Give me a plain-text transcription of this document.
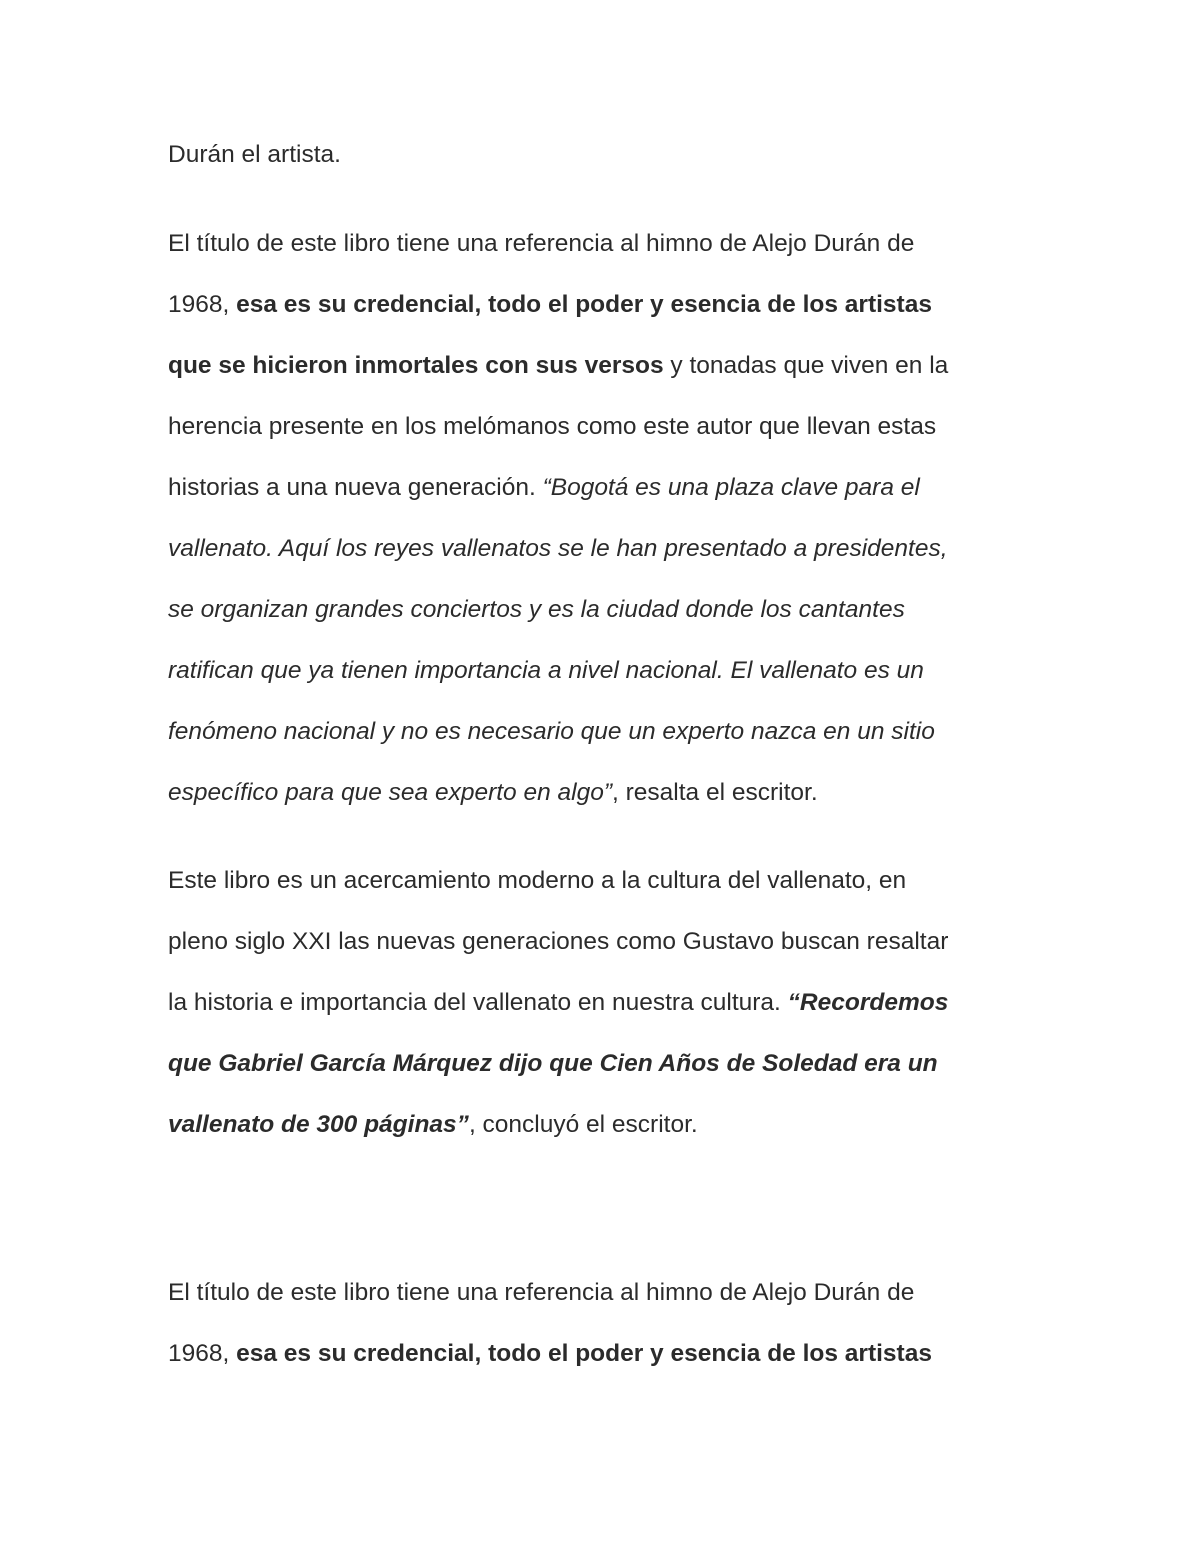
Durán el artista.
El título de este libro tiene una referencia al himno de Alejo Durán de
1968, esa es su credencial, todo el poder y esencia de los artistas
que se hicieron inmortales con sus versos y tonadas que viven en la
herencia presente en los melómanos como este autor que llevan estas
historias a una nueva generación. “Bogotá es una plaza clave para el
vallenato. Aquí los reyes vallenatos se le han presentado a presidentes,
se organizan grandes conciertos y es la ciudad donde los cantantes
ratifican que ya tienen importancia a nivel nacional. El vallenato es un
fenómeno nacional y no es necesario que un experto nazca en un sitio
específico para que sea experto en algo”, resalta el escritor.
Este libro es un acercamiento moderno a la cultura del vallenato, en
pleno siglo XXI las nuevas generaciones como Gustavo buscan resaltar
la historia e importancia del vallenato en nuestra cultura. “Recordemos
que Gabriel García Márquez dijo que Cien Años de Soledad era un
vallenato de 300 páginas”, concluyó el escritor.
El título de este libro tiene una referencia al himno de Alejo Durán de
1968, esa es su credencial, todo el poder y esencia de los artistas
